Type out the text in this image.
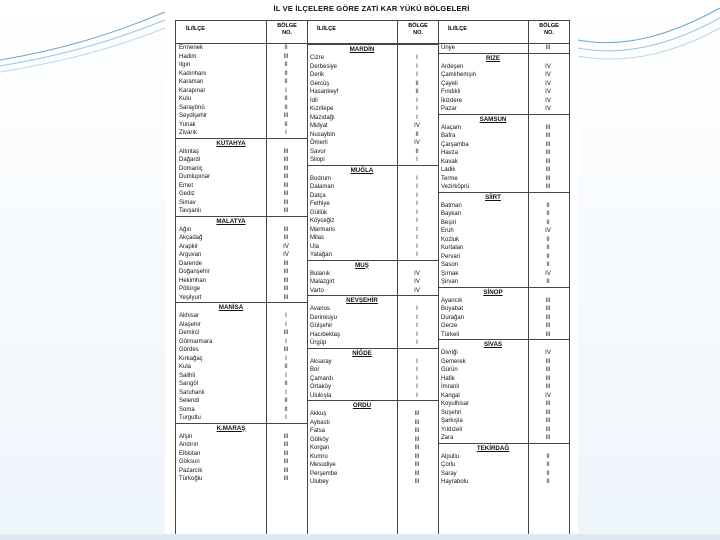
İL VE İLÇELERE GÖRE ZATİ KAR YÜKÜ BÖLGELERİ
İL/İLÇE	BÖLGE
NO.
Ermenek	II
Hadim	III
Ilgın	II
Kadınhanı	II
Karaman	II
Karapınar	I
Kulu	II
Sarayönü	II
Seydişehir	III
Yunak	II
Zivarık	I
KÜTAHYA
Altıntaş	III
Dağardi	III
Domaniç	III
Dumlupınar	III
Emet	III
Gediz	III
Simav	III
Tavşanlı	III
MALATYA
Ağın	III
Akçadağ	III
Arapkir	IV
Arguvan	IV
Darende	III
Doğanşehir	III
Hekimhan	III
Pötürge	III
Yeşilyurt	III
MANİSA
Akhisar	I
Alaşehir	I
Demirci	III
Gölmarmara	I
Gördes	III
Kırkağaç	I
Kula	II
Salihli	I
Sarıgöl	II
Saruhanlı	I
Selendi	II
Soma	II
Turgutlu	I
K.MARAŞ
Afşin	III
Andırın	III
Elbistan	III
Göksun	III
Pazarcık	III
Türkoğlu	III
İL/İLÇE	BÖLGE
NO.
MARDİN
Cizre	I
Derbesiye	I
Derik	I
Gercüş	II
Hasankeyf	II
İdil	I
Kızıltepe	I
Mazıdağı	I
Midyat	IV
Nusaybin	II
Ömerli	IV
Savur	II
Silopi	I
MUĞLA
Bodrum	I
Dalaman	I
Datça	I
Fethiye	I
Güllük	I
Köyceğiz	I
Marmaris	I
Milas	I
Ula	I
Yatağan	I
MUŞ
Bulanık	IV
Malazgirt	IV
Varto	IV
NEVŞEHİR
Avanos	I
Derinkuyu	I
Gülşehir	I
Hacıbektaş	I
Ürgüp	I
NİĞDE
Aksaray	I
Bor	I
Çamardı	I
Ortaköy	I
Ulukışla	I
ORDU
Akkuş	III
Aybastı	III
Fatsa	III
Gölköy	III
Korgan	III
Kumru	III
Mesudiye	III
Perşembe	III
Ulubey	III
İL/İLÇE	BÖLGE
NO.
Ünye	III
RİZE
Ardeşen	IV
Çamlıhemşin	IV
Çayeli	IV
Fındıklı	IV
İkizdere	IV
Pazar	IV
SAMSUN
Alaçam	III
Bafra	III
Çarşamba	III
Havza	III
Kavak	III
Ladik	III
Terme	III
Vezirköprü	III
SİİRT
Batman	II
Baykan	II
Beşiri	II
Eruh	IV
Kozluk	II
Kurtalan	II
Pervari	II
Sason	II
Şırnak	IV
Şirvan	II
SİNOP
Ayancık	III
Boyabat	III
Durağan	III
Gerze	III
Türkeli	III
SİVAS
Divriği	IV
Gemerek	III
Gürün	III
Hafik	III
İmranlı	III
Kangal	IV
Koyulhisar	III
Suşehri	III
Şarkışla	III
Yıldızeli	III
Zara	III
TEKİRDAĞ
Alpullu	II
Çorlu	II
Saray	II
Hayrabolu	II
